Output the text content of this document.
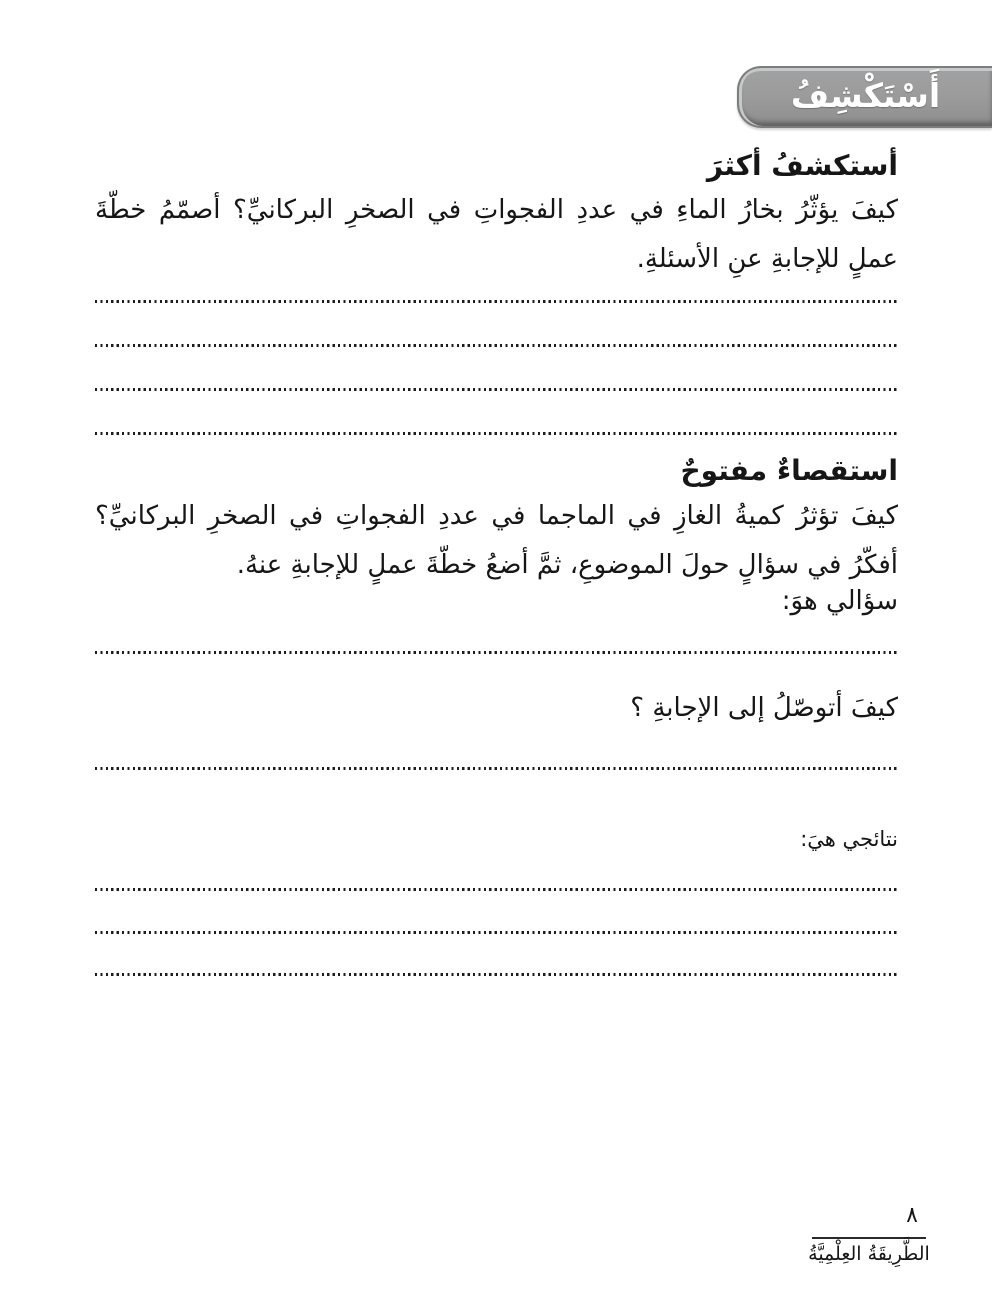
أَسْتَكْشِفُ
أستكشفُ أكثرَ
كيفَ يؤثّرُ بخارُ الماءِ في عددِ الفجواتِ في الصخرِ البركانيِّ؟ أصمّمُ خطّةَ عملٍ للإجابةِ عنِ الأسئلةِ.
استقصاءٌ مفتوحٌ
كيفَ تؤثرُ كميةُ الغازِ في الماجما في عددِ الفجواتِ في الصخرِ البركانيِّ؟ أفكّرُ في سؤالٍ حولَ الموضوعِ، ثمَّ أضعُ خطّةَ عملٍ للإجابةِ عنهُ.
سؤالي هوَ:
كيفَ أتوصّلُ إلى الإجابةِ ؟
نتائجي هيَ:
٨
الطَّرِيقَةُ العِلْمِيَّةُ
